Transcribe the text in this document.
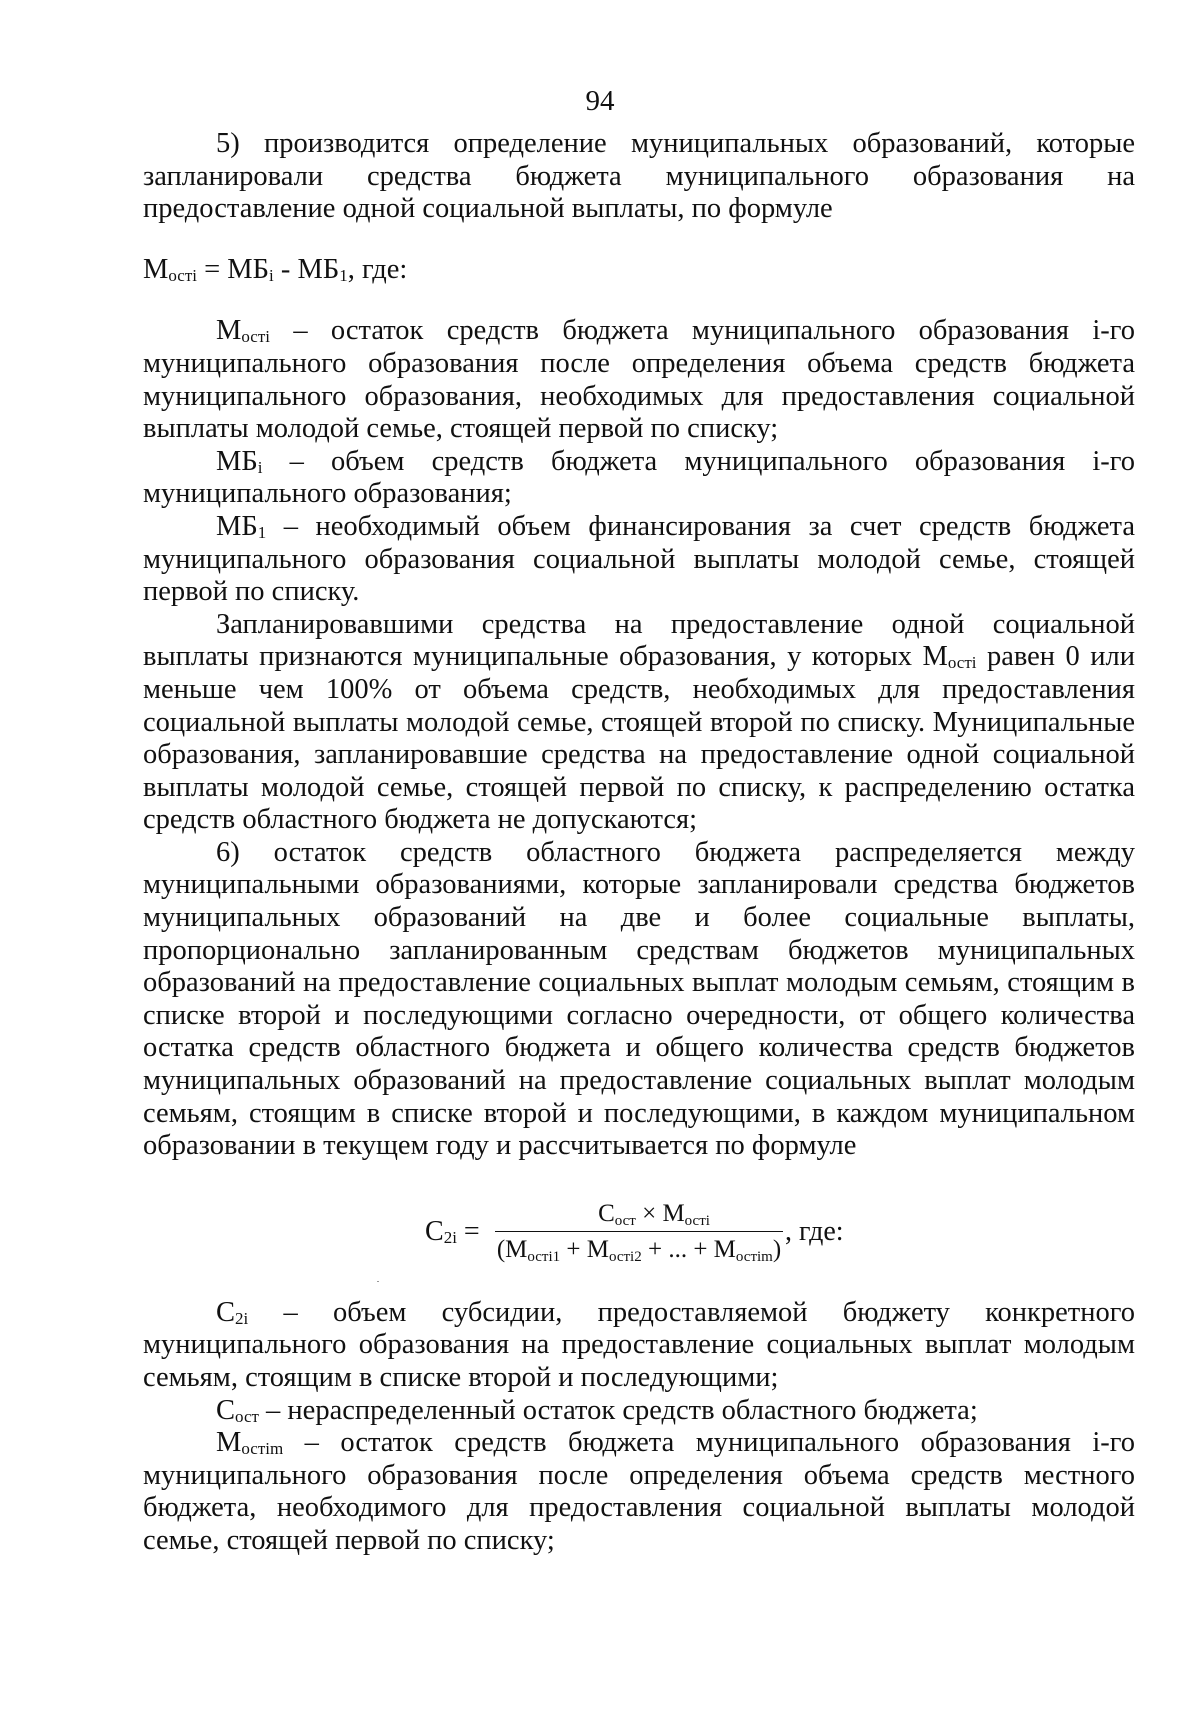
94

5) производится определение муниципальных образований, которые запланировали средства бюджета муниципального образования на предоставление одной социальной выплаты, по формуле

Мостi = МБi - МБ1, где:

Мостi – остаток средств бюджета муниципального образования i-го муниципального образования после определения объема средств бюджета муниципального образования, необходимых для предоставления социальной выплаты молодой семье, стоящей первой по списку;

МБi – объем средств бюджета муниципального образования i-го муниципального образования;

МБ1 – необходимый объем финансирования за счет средств бюджета муниципального образования социальной выплаты молодой семье, стоящей первой по списку.

Запланировавшими средства на предоставление одной социальной выплаты признаются муниципальные образования, у которых Мостi равен 0 или меньше чем 100% от объема средств, необходимых для предоставления социальной выплаты молодой семье, стоящей второй по списку. Муниципальные образования, запланировавшие средства на предоставление одной социальной выплаты молодой семье, стоящей первой по списку, к распределению остатка средств областного бюджета не допускаются;

6) остаток средств областного бюджета распределяется между муниципальными образованиями, которые запланировали средства бюджетов муниципальных образований на две и более социальные выплаты, пропорционально запланированным средствам бюджетов муниципальных образований на предоставление социальных выплат молодым семьям, стоящим в списке второй и последующими согласно очередности, от общего количества остатка средств областного бюджета и общего количества средств бюджетов муниципальных образований на предоставление социальных выплат молодым семьям, стоящим в списке второй и последующими, в каждом муниципальном образовании в текущем году и рассчитывается по формуле

С2i =
$С_{ост} \times М_{остi}$
($М_{остi1} + М_{остi2}$ + ... + $М_{остim}$)
, где:

С2i – объем субсидии, предоставляемой бюджету конкретного муниципального образования на предоставление социальных выплат молодым семьям, стоящим в списке второй и последующими;

Сост – нераспределенный остаток средств областного бюджета;

Мостim – остаток средств бюджета муниципального образования i-го муниципального образования после определения объема средств местного бюджета, необходимого для предоставления социальной выплаты молодой семье, стоящей первой по списку;
